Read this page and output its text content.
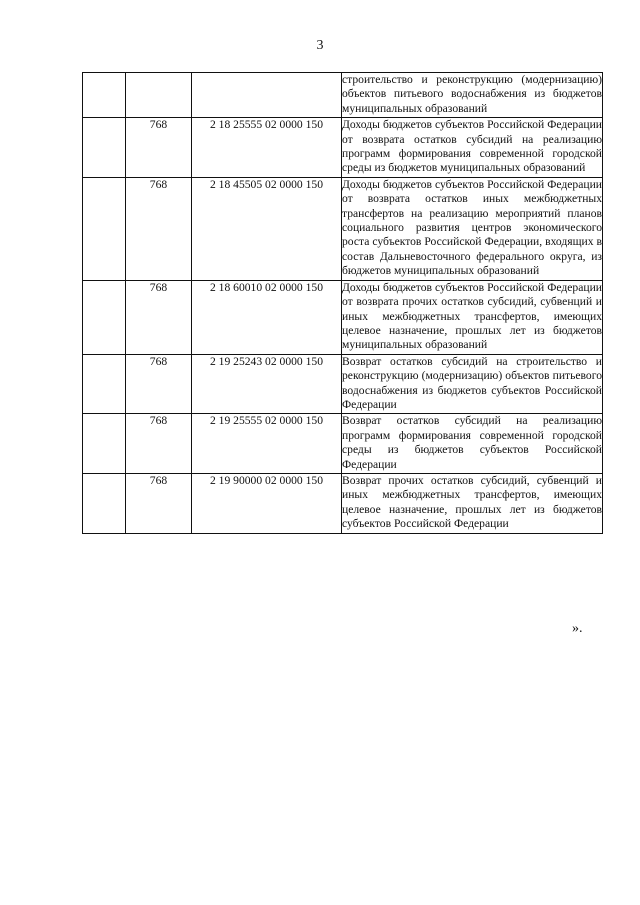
3
			строительство и реконструкцию (модернизацию) объектов питьевого водоснабжения из бюджетов муниципальных образований
	768	2 18 25555 02 0000 150	Доходы бюджетов субъектов Российской Федерации от возврата остатков субсидий на реализацию программ формирования современной городской среды из бюджетов муниципальных образований
	768	2 18 45505 02 0000 150	Доходы бюджетов субъектов Российской Федерации от возврата остатков иных межбюджетных трансфертов на реализацию мероприятий планов социального развития центров экономического роста субъектов Российской Федерации, входящих в состав Дальневосточного федерального округа, из бюджетов муниципальных образований
	768	2 18 60010 02 0000 150	Доходы бюджетов субъектов Российской Федерации от возврата прочих остатков субсидий, субвенций и иных межбюджетных трансфертов, имеющих целевое назначение, прошлых лет из бюджетов муниципальных образований
	768	2 19 25243 02 0000 150	Возврат остатков субсидий на строительство и реконструкцию (модернизацию) объектов питьевого водоснабжения из бюджетов субъектов Российской Федерации
	768	2 19 25555 02 0000 150	Возврат остатков субсидий на реализацию программ формирования современной городской среды из бюджетов субъектов Российской Федерации
	768	2 19 90000 02 0000 150	Возврат прочих остатков субсидий, субвенций и иных межбюджетных трансфертов, имеющих целевое назначение, прошлых лет из бюджетов субъектов Российской Федерации
».
